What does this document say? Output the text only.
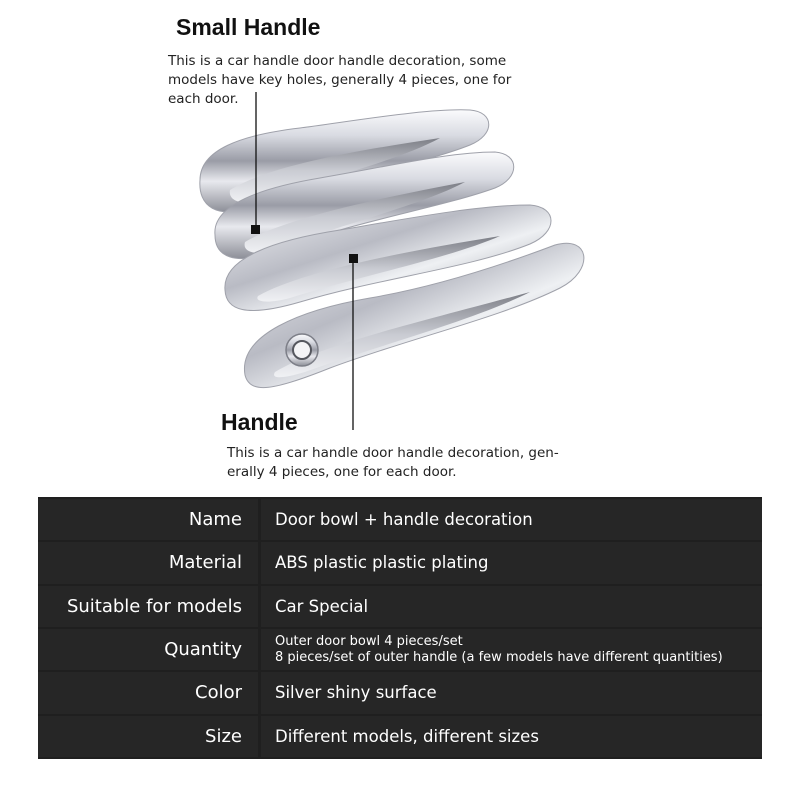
Small Handle
This is a car handle door handle decoration, some models have key holes, generally 4 pieces, one for each door.
Handle
This is a car handle door handle decoration, gen-erally 4 pieces, one for each door.
Name	Door bowl + handle decoration
Material	ABS plastic plastic plating
Suitable for models	Car Special
Quantity	Outer door bowl 4 pieces/set
8 pieces/set of outer handle (a few models have different quantities)
Color	Silver shiny surface
Size	Different models, different sizes
